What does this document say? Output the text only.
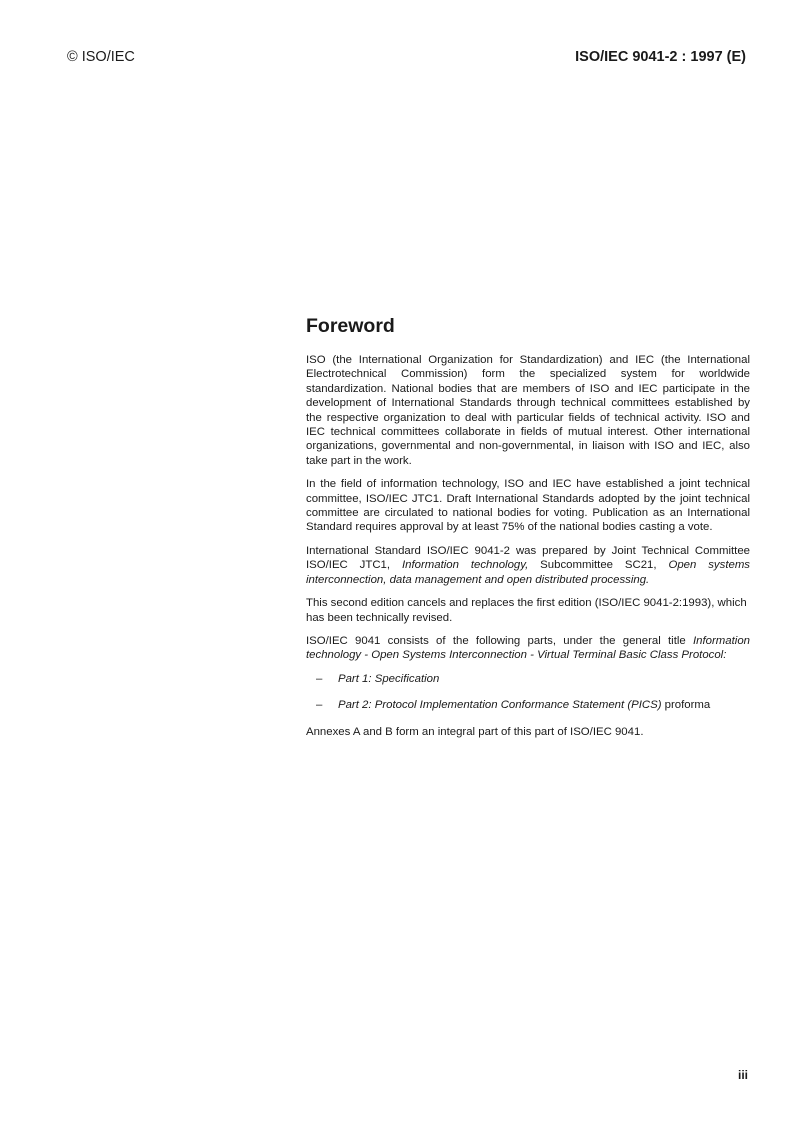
© ISO/IEC	ISO/IEC 9041-2 : 1997 (E)

Foreword

ISO (the International Organization for Standardization) and IEC (the International Electrotechnical Commission) form the specialized system for worldwide standardization. National bodies that are members of ISO and IEC participate in the development of International Standards through technical committees established by the respective organization to deal with particular fields of technical activity. ISO and IEC technical committees collaborate in fields of mutual interest. Other international organizations, governmental and non-governmental, in liaison with ISO and IEC, also take part in the work.

In the field of information technology, ISO and IEC have established a joint technical committee, ISO/IEC JTC1. Draft International Standards adopted by the joint technical committee are circulated to national bodies for voting. Publication as an International Standard requires approval by at least 75% of the national bodies casting a vote.

International Standard ISO/IEC 9041-2 was prepared by Joint Technical Committee ISO/IEC JTC1, Information technology, Subcommittee SC21, Open systems interconnection, data management and open distributed processing.

This second edition cancels and replaces the first edition (ISO/IEC 9041-2:1993), which has been technically revised.

ISO/IEC 9041 consists of the following parts, under the general title Information technology - Open Systems Interconnection - Virtual Terminal Basic Class Protocol:

–	Part 1: Specification
–	Part 2: Protocol Implementation Conformance Statement (PICS) proforma

Annexes A and B form an integral part of this part of ISO/IEC 9041.

iii
